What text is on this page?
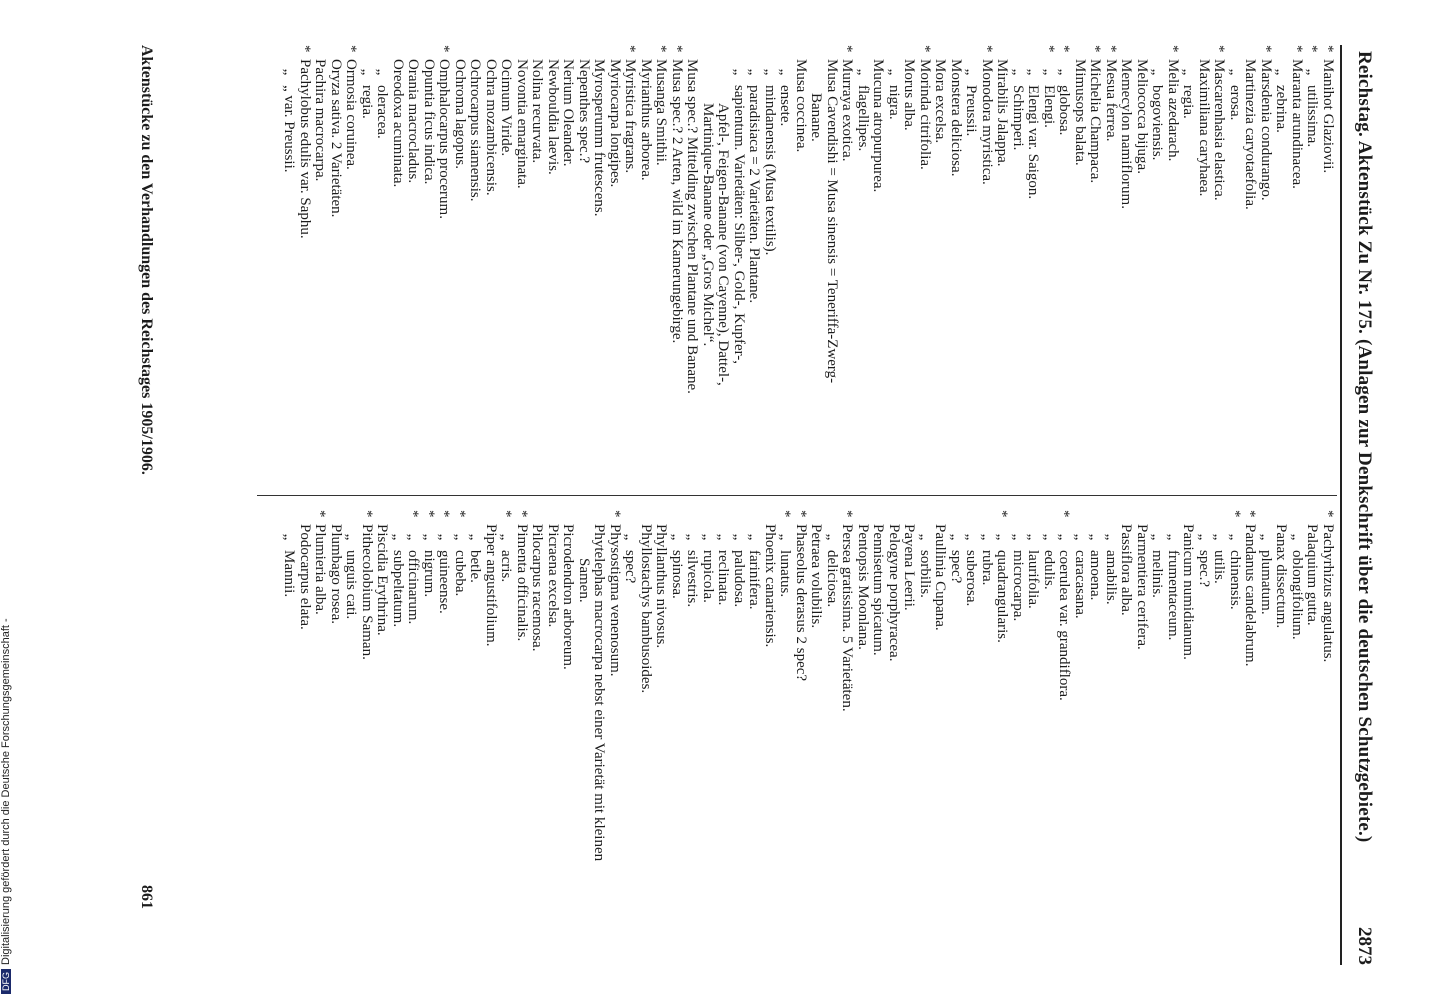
Reichstag. Aktenstück Zu Nr. 175. (Anlagen zur Denkschrift über die deutschen Schutzgebiete.)
2873
*Manihot Glaziovii.
*„utilissima.
*Maranta arundinacea.
„zebrina.
*Marsdenia condurango.
Martinezia caryotaefolia.
„erosa.
*Mascarenhasia elastica.
Maximiliana caryhaea.
„regia.
*Melia azedarach.
„bogoviensis.
Meliococca bijuga.
Memecylon namiflorum.
*Mesua ferrea.
*Michelia Champaca.
Mimusops balata.
*„globosa.
*„Elengi.
„Elengi var. Saigon.
„Schimperi.
Mirabilis Jalappa.
*Monodora myristica.
„Preussii.
Monstera deliciosa.
Mora excelsa.
*Morinda citrifolia.
Morus alba.
„nigra.
Mucuna atropurpurea.
„flagellipes.
*Murraya exotica.
Musa Cavendishi = Musa sinensis = Teneriffa-Zwerg-
Banane.
Musa coccinea.
„ensete.
„mindanensis (Musa textilis).
„paradisiaca = 2 Varietäten. Plantane.
„sapientum. Varietäten: Silber-, Gold-, Kupfer-,
Apfel-, Feigen-Banane (von Cayenne), Dattel-,
Martinique-Banane oder „Gros Michel“.
Musa spec.? Mittelding zwischen Plantane und Banane.
*Musa spec.? 2 Arten, wild im Kamerungebirge.
*Musanga Smithii.
Myrianthus arborea.
*Myristica fragrans.
Myriocarpa longipes.
Myrosperumm frutescens.
Nepenthes spec.?
Nerium Oleander.
Newbouldia laevis.
Nolina recurvata.
Novontia emarginata.
Ocimum Viride.
Ochra mozambicensis.
Ochrocarpus siamensis.
Ochroma lagopus.
*Omphalocarpus procerum.
Opuntia ficus indica.
Orania macrocladus.
Oreodoxa acuminata.
„oleracea.
„regia.
*Ormosia coruinea.
Oryza sativa. 2 Varietäten.
Pachira macrocarpa.
*Pachylobus edulis var. Saphu.
„„ var. Preussii.
*Pachyrhizus angulatus.
Palaquium gutta.
„oblongifolium.
Panax dissectum.
„plumatum.
*Pandanus candelabrum.
*„chinensis.
„utilis.
„spec.?
Panicum numidianum.
„frumentaceum.
„melinis.
Parmentiera cerifera.
Passiflora alba.
„amabilis.
„amoena.
„caracasana.
*„coerulea var. grandiflora.
„edulis.
„laurifolia.
„microcarpa.
*„quadrangularis.
„rubra.
„suberosa.
„spec?
Paullinia Cupana.
„sorbilis.
Payena Leerii.
Pelogyne porphyracea.
Pennisetum spicatum.
Pentopsis Moonlana.
*Persea gratissima. 5 Varietäten.
„deliciosa.
Petraea volubilis.
*Phaseolus derasus 2 spec?
*„lunatus.
Phoenix canariensis.
„farinifera.
„paludosa.
„reclinata.
„rupicola.
„silvestris.
„spinosa.
Phyllanthus nivosus.
Phyllostachys bambusoides.
„spec?
*Physostigma venenosum.
Phytelephas macrocarpa nebst einer Varietät mit kleinen
Samen.
Picrodendron arboreum.
Picraena excelsa.
Pilocarpus racemosa.
*Pimenta officinalis.
*„acris.
Piper angustifolium.
„betle.
*„cubeba.
*„guineense.
*„nigrum.
*„officinarum.
„subpeltatum.
Piscidia Erythrina.
*Pithecolobium Saman.
„unguis cati.
Plumbago rosea.
*Plumieria alba.
Podocarpus elata.
„Mannii.
Aktenstücke zu den Verhandlungen des Reichstages 1905/1906.
861
DFGDigitalisierung gefördert durch die Deutsche Forschungsgemeinschaft -
